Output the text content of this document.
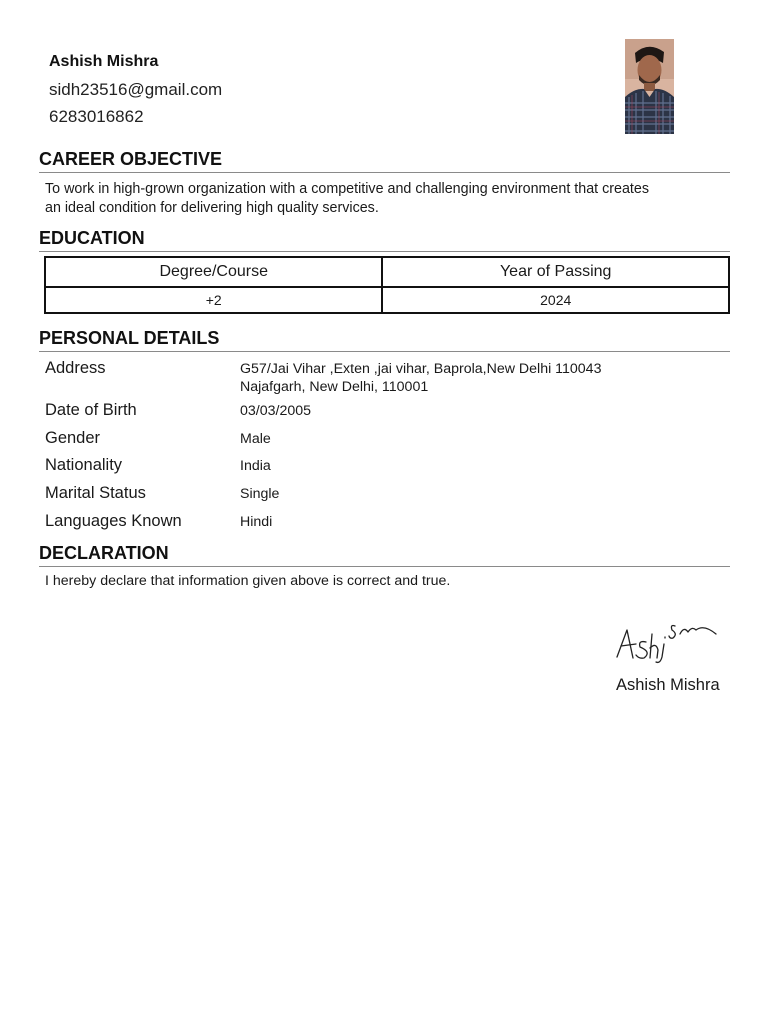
Ashish Mishra
sidh23516@gmail.com
6283016862
CAREER OBJECTIVE
To work in high-grown organization with a competitive and challenging environment that creates
an ideal condition for delivering high quality services.
EDUCATION
Degree/Course	Year of Passing
+2	2024
PERSONAL DETAILS
Address	G57/Jai Vihar ,Exten ,jai vihar, Baprola,New Delhi 110043
Najafgarh, New Delhi, 110001
Date of Birth	03/03/2005
Gender	Male
Nationality	India
Marital Status	Single
Languages Known	Hindi
DECLARATION
I hereby declare that information given above is correct and true.
Ashish Mishra
